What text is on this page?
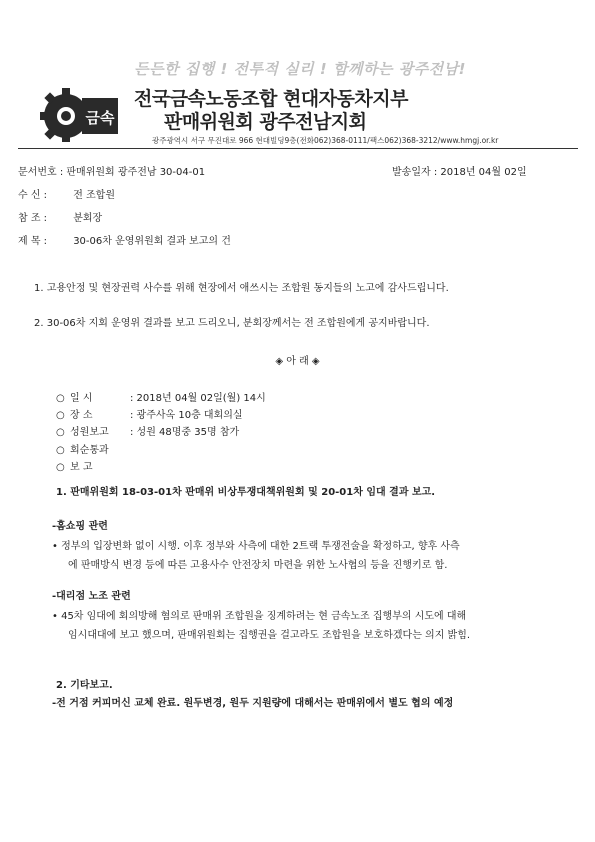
든든한 집행 ! 전투적 실리 ! 함께하는 광주전남!
금속
전국금속노동조합 현대자동차지부
판매위원회 광주전남지회
광주광역시 서구 무진대로 966 현대빌딩9층(전화062)368-0111/팩스062)368-3212/www.hmgj.or.kr
문서번호 : 판매위원회 광주전남 30-04-01	발송일자 : 2018년 04월 02일
수 신 :	전 조합원
참 조 :	분회장
제 목 :	30-06차 운영위원회 결과 보고의 건
1. 고용안정 및 현장권력 사수를 위해 현장에서 애쓰시는 조합원 동지들의 노고에 감사드립니다.
2. 30-06차 지회 운영위 결과를 보고 드리오니, 분회장께서는 전 조합원에게 공지바랍니다.
◈ 아 래 ◈
○ 일 시	: 2018년 04월 02일(월) 14시
○ 장 소	: 광주사옥 10층 대회의실
○ 성원보고 : 성원 48명중 35명 참가
○ 회순통과
○ 보 고
1. 판매위원회 18-03-01차 판매위 비상투쟁대책위원회 및 20-01차 임대 결과 보고.
-홈쇼핑 관련
• 정부의 입장변화 없이 시행. 이후 정부와 사측에 대한 2트랙 투쟁전술을 확정하고, 향후 사측
에 판매방식 변경 등에 따른 고용사수 안전장치 마련을 위한 노사협의 등을 진행키로 함.
-대리점 노조 관련
• 45차 임대에 회의방해 혐의로 판매위 조합원을 징계하려는 현 금속노조 집행부의 시도에 대해
임시대대에 보고 했으며, 판매위원회는 집행권을 걸고라도 조합원을 보호하겠다는 의지 밝힘.
2. 기타보고.
-전 거점 커피머신 교체 완료. 원두변경, 원두 지원량에 대해서는 판매위에서 별도 협의 예정
